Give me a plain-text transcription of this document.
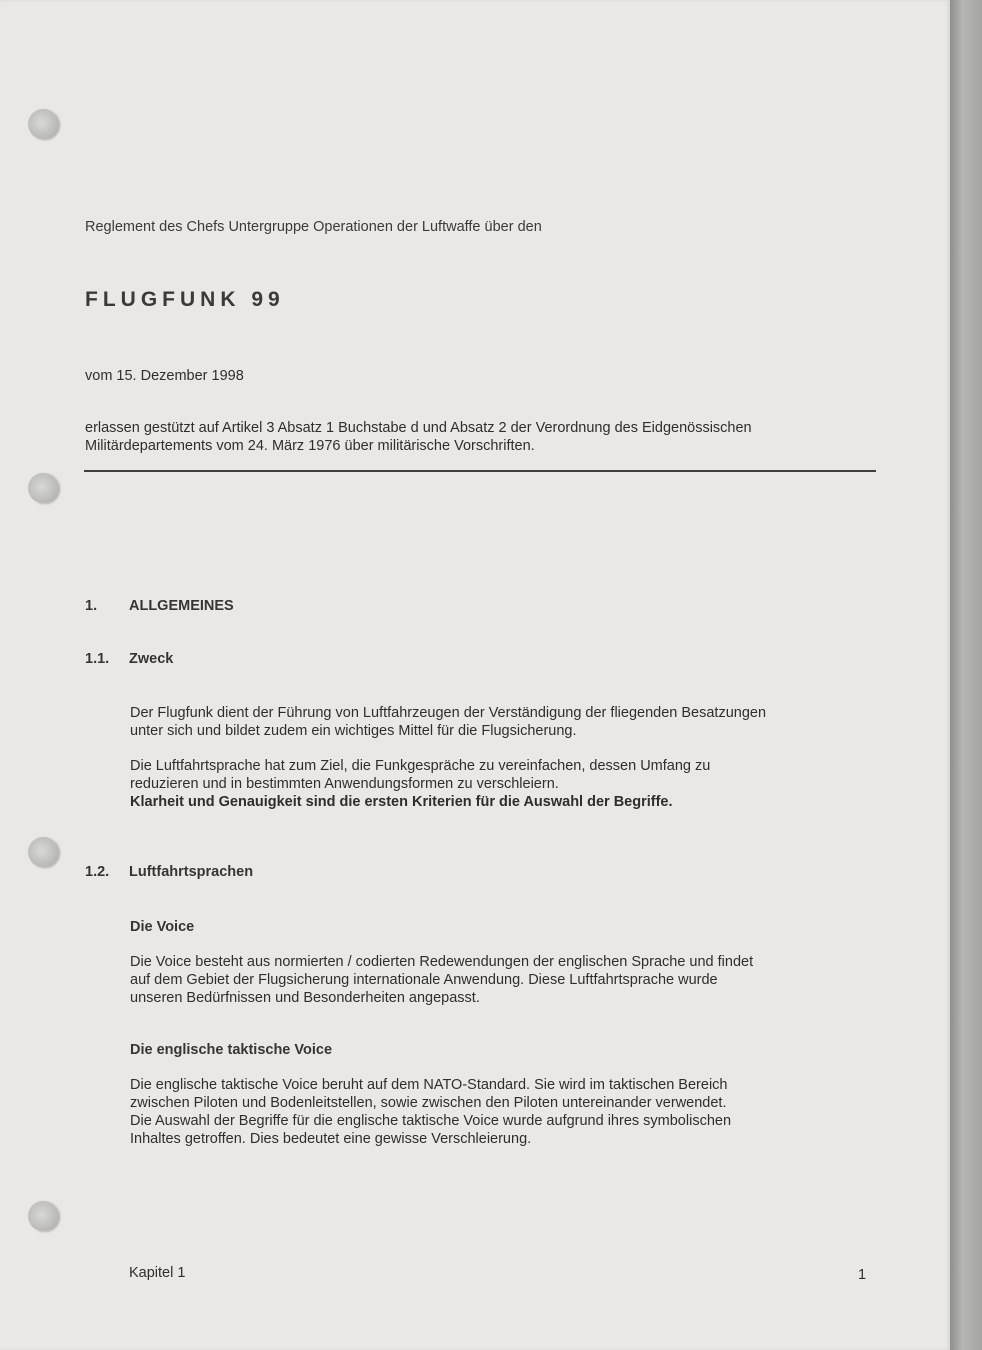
Reglement des Chefs Untergruppe Operationen der Luftwaffe über den
FLUGFUNK 99
vom 15. Dezember 1998
erlassen gestützt auf Artikel 3 Absatz 1 Buchstabe d und Absatz 2 der Verordnung des Eidgenössischen
Militärdepartements vom 24. März 1976 über militärische Vorschriften.
1. ALLGEMEINES
1.1. Zweck
Der Flugfunk dient der Führung von Luftfahrzeugen der Verständigung der fliegenden Besatzungen
unter sich und bildet zudem ein wichtiges Mittel für die Flugsicherung.
Die Luftfahrtsprache hat zum Ziel, die Funkgespräche zu vereinfachen, dessen Umfang zu
reduzieren und in bestimmten Anwendungsformen zu verschleiern.
Klarheit und Genauigkeit sind die ersten Kriterien für die Auswahl der Begriffe.
1.2. Luftfahrtsprachen
Die Voice
Die Voice besteht aus normierten / codierten Redewendungen der englischen Sprache und findet
auf dem Gebiet der Flugsicherung internationale Anwendung. Diese Luftfahrtsprache wurde
unseren Bedürfnissen und Besonderheiten angepasst.
Die englische taktische Voice
Die englische taktische Voice beruht auf dem NATO-Standard. Sie wird im taktischen Bereich
zwischen Piloten und Bodenleitstellen, sowie zwischen den Piloten untereinander verwendet.
Die Auswahl der Begriffe für die englische taktische Voice wurde aufgrund ihres symbolischen
Inhaltes getroffen. Dies bedeutet eine gewisse Verschleierung.
Kapitel 1	1
